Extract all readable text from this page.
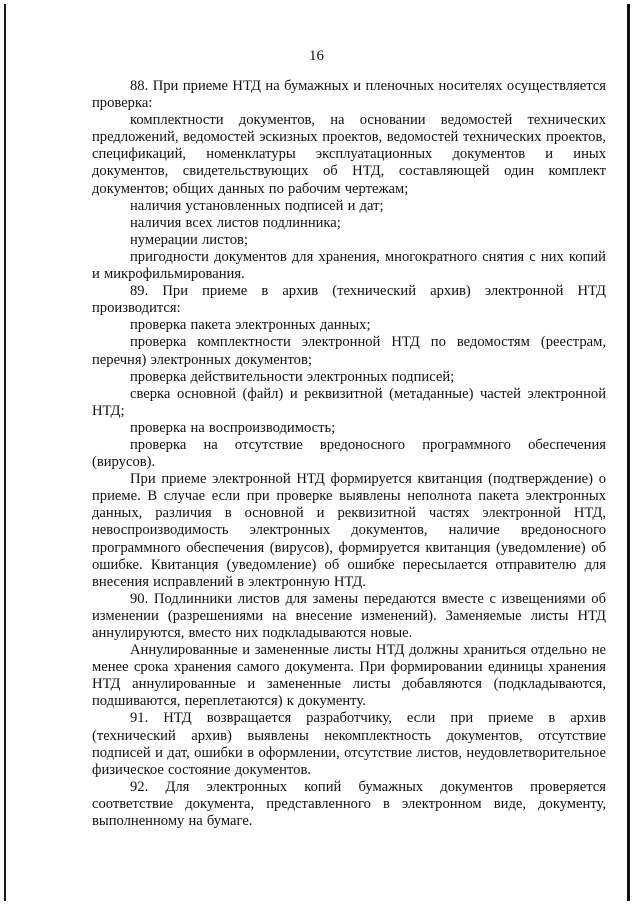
16

88. При приеме НТД на бумажных и пленочных носителях осуществляется проверка:

комплектности документов, на основании ведомостей технических предложений, ведомостей эскизных проектов, ведомостей технических проектов, спецификаций, номенклатуры эксплуатационных документов и иных документов, свидетельствующих об НТД, составляющей один комплект документов; общих данных по рабочим чертежам;

наличия установленных подписей и дат;

наличия всех листов подлинника;

нумерации листов;

пригодности документов для хранения, многократного снятия с них копий и микрофильмирования.

89. При приеме в архив (технический архив) электронной НТД производится:

проверка пакета электронных данных;

проверка комплектности электронной НТД по ведомостям (реестрам, перечня) электронных документов;

проверка действительности электронных подписей;

сверка основной (файл) и реквизитной (метаданные) частей электронной НТД;

проверка на воспроизводимость;

проверка на отсутствие вредоносного программного обеспечения (вирусов).

При приеме электронной НТД формируется квитанция (подтверждение) о приеме. В случае если при проверке выявлены неполнота пакета электронных данных, различия в основной и реквизитной частях электронной НТД, невоспроизводимость электронных документов, наличие вредоносного программного обеспечения (вирусов), формируется квитанция (уведомление) об ошибке. Квитанция (уведомление) об ошибке пересылается отправителю для внесения исправлений в электронную НТД.

90. Подлинники листов для замены передаются вместе с извещениями об изменении (разрешениями на внесение изменений). Заменяемые листы НТД аннулируются, вместо них подкладываются новые.

Аннулированные и замененные листы НТД должны храниться отдельно не менее срока хранения самого документа. При формировании единицы хранения НТД аннулированные и замененные листы добавляются (подкладываются, подшиваются, переплетаются) к документу.

91. НТД возвращается разработчику, если при приеме в архив (технический архив) выявлены некомплектность документов, отсутствие подписей и дат, ошибки в оформлении, отсутствие листов, неудовлетворительное физическое состояние документов.

92. Для электронных копий бумажных документов проверяется соответствие документа, представленного в электронном виде, документу, выполненному на бумаге.
